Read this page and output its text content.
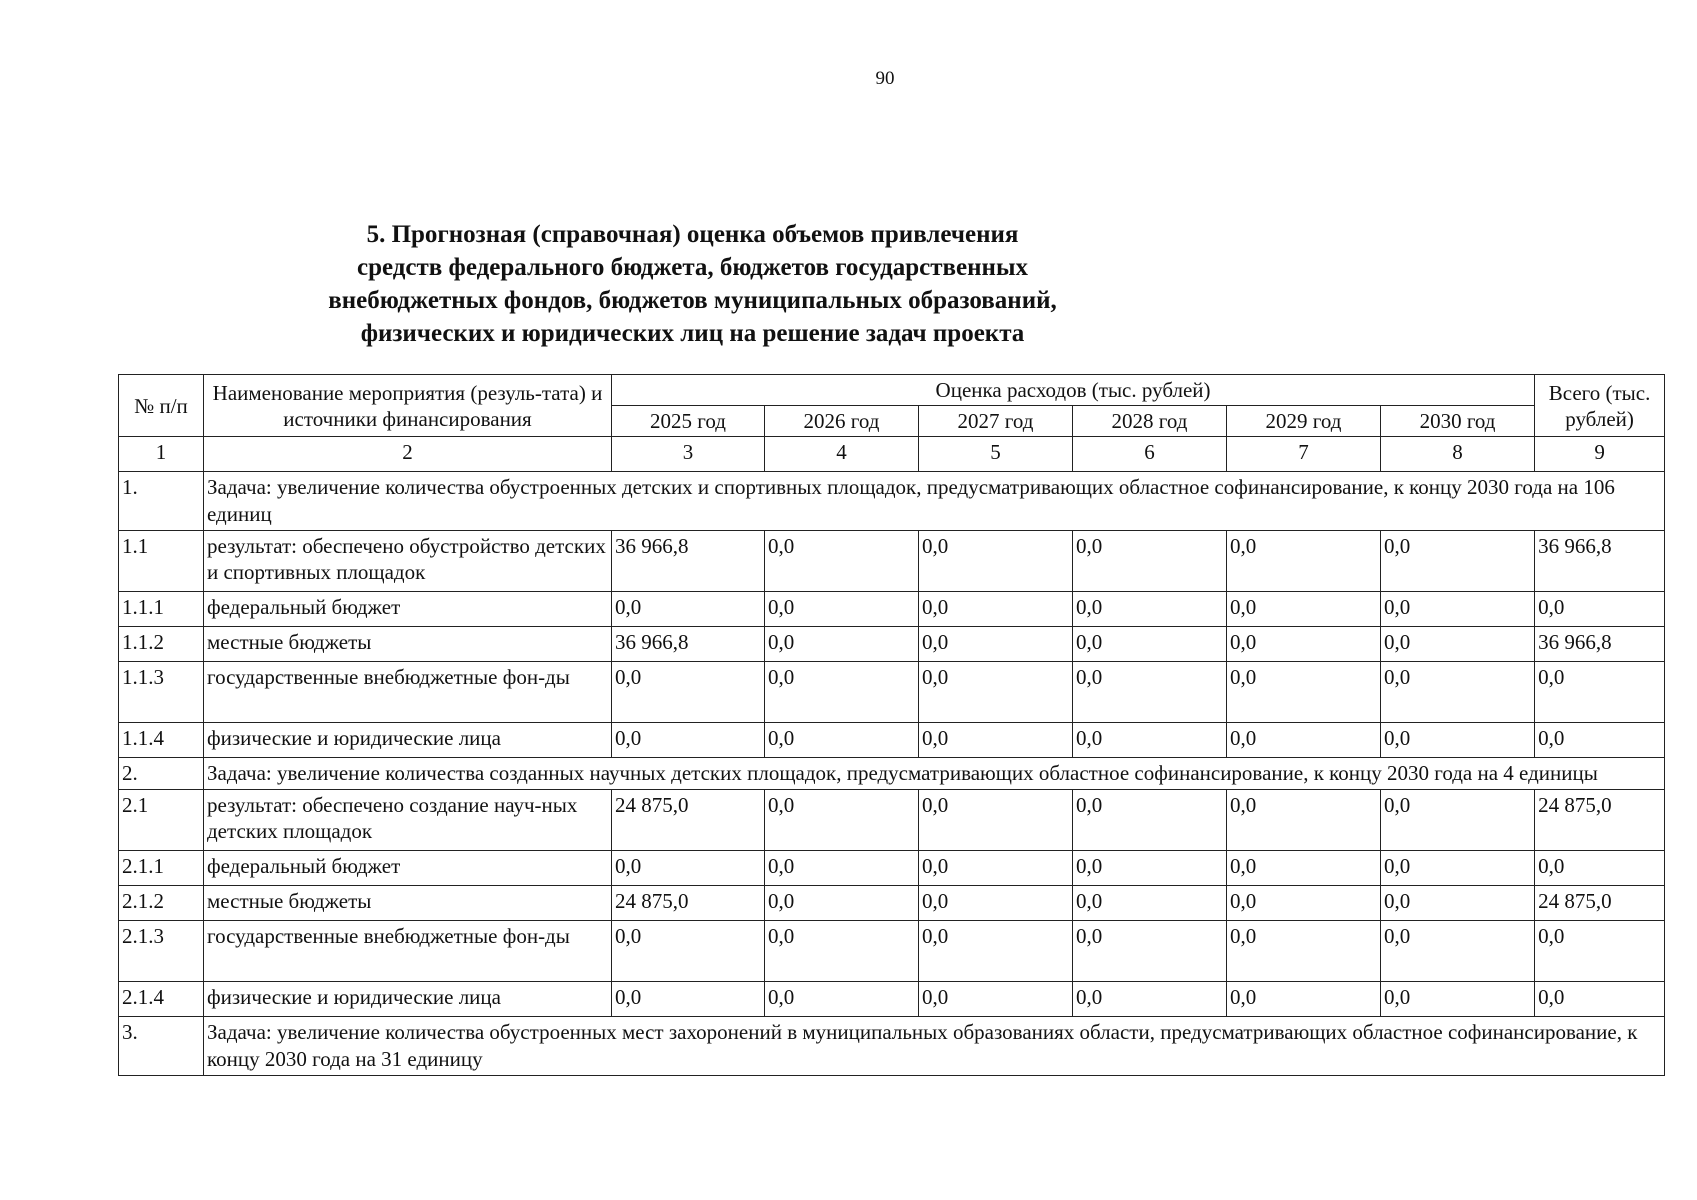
90
5. Прогнозная (справочная) оценка объемов привлечения
средств федерального бюджета, бюджетов государственных
внебюджетных фондов, бюджетов муниципальных образований,
физических и юридических лиц на решение задач проекта
№ п/п	Наименование мероприятия (резуль-тата) и источники финансирования	Оценка расходов (тыс. рублей)						Всего (тыс. рублей)
		2025 год	2026 год	2027 год	2028 год	2029 год	2030 год	
1	2	3	4	5	6	7	8	9
1.	Задача: увеличение количества обустроенных детских и спортивных площадок, предусматривающих областное софинансирование, к концу 2030 года на 106 единиц							
1.1	результат: обеспечено обустройство детских и спортивных площадок	36 966,8	0,0	0,0	0,0	0,0	0,0	36 966,8
1.1.1	федеральный бюджет	0,0	0,0	0,0	0,0	0,0	0,0	0,0
1.1.2	местные бюджеты	36 966,8	0,0	0,0	0,0	0,0	0,0	36 966,8
1.1.3	государственные внебюджетные фон-ды	0,0	0,0	0,0	0,0	0,0	0,0	0,0
1.1.4	физические и юридические лица	0,0	0,0	0,0	0,0	0,0	0,0	0,0
2.	Задача: увеличение количества созданных научных детских площадок, предусматривающих областное софинансирование, к концу 2030 года на 4 единицы							
2.1	результат: обеспечено создание науч-ных детских площадок	24 875,0	0,0	0,0	0,0	0,0	0,0	24 875,0
2.1.1	федеральный бюджет	0,0	0,0	0,0	0,0	0,0	0,0	0,0
2.1.2	местные бюджеты	24 875,0	0,0	0,0	0,0	0,0	0,0	24 875,0
2.1.3	государственные внебюджетные фон-ды	0,0	0,0	0,0	0,0	0,0	0,0	0,0
2.1.4	физические и юридические лица	0,0	0,0	0,0	0,0	0,0	0,0	0,0
3.	Задача: увеличение количества обустроенных мест захоронений в муниципальных образованиях области, предусматривающих областное софинансирование, к концу 2030 года на 31 единицу							
